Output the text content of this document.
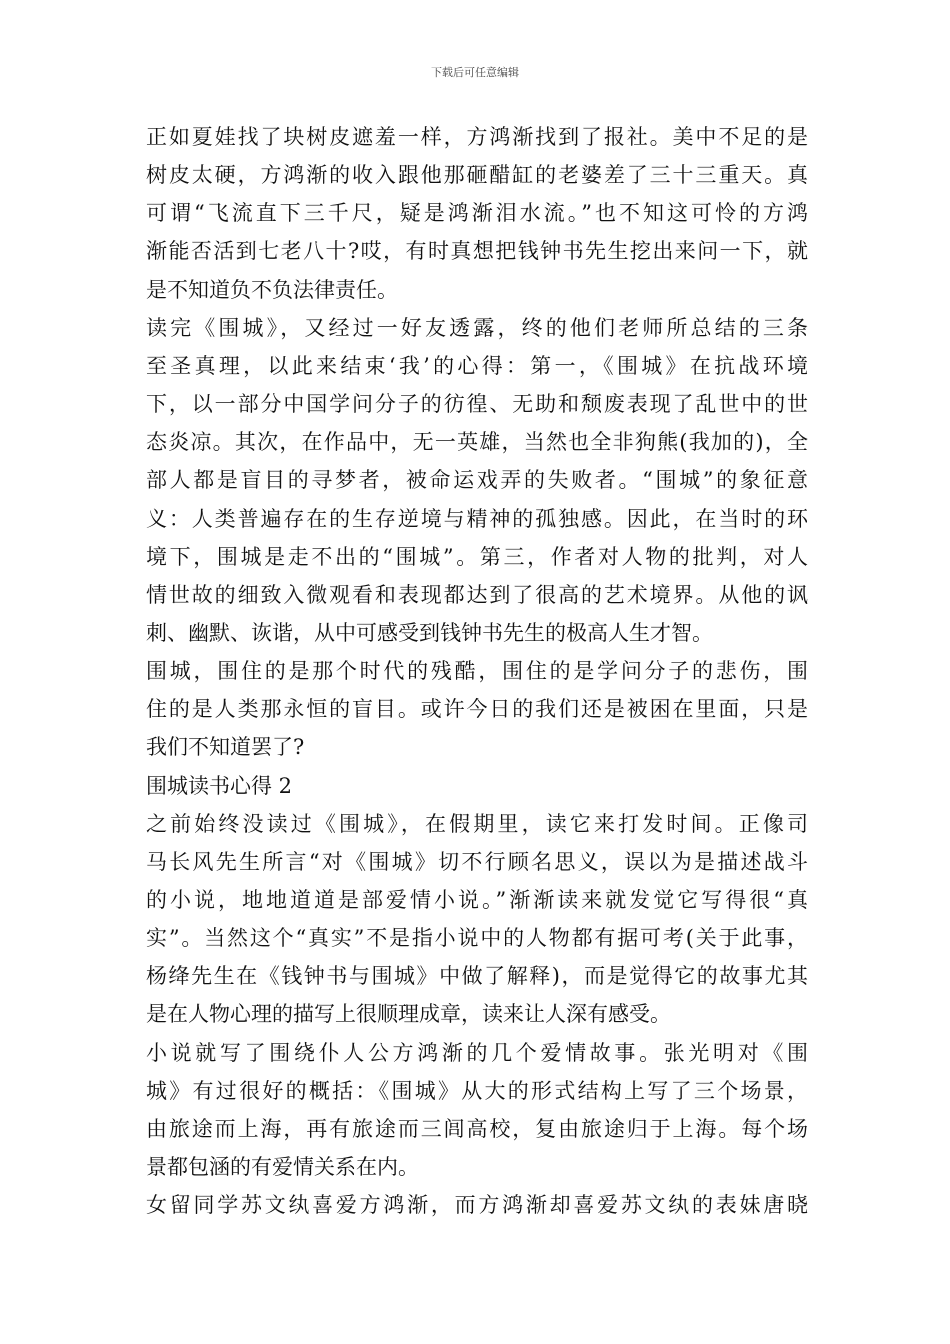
下载后可任意编辑
正如夏娃找了块树皮遮羞一样，方鸿渐找到了报社。美中不足的是
树皮太硬，方鸿渐的收入跟他那砸醋缸的老婆差了三十三重天。真
可谓“飞流直下三千尺，疑是鸿渐泪水流。”也不知这可怜的方鸿
渐能否活到七老八十?哎，有时真想把钱钟书先生挖出来问一下，就
是不知道负不负法律责任。
读完《围城》，又经过一好友透露，终的他们老师所总结的三条
至圣真理，以此来结束‘我’的心得：第一，《围城》在抗战环境
下，以一部分中国学问分子的彷徨、无助和颓废表现了乱世中的世
态炎凉。其次，在作品中，无一英雄，当然也全非狗熊(我加的)，全
部人都是盲目的寻梦者，被命运戏弄的失败者。“围城”的象征意
义：人类普遍存在的生存逆境与精神的孤独感。因此，在当时的环
境下，围城是走不出的“围城”。第三，作者对人物的批判，对人
情世故的细致入微观看和表现都达到了很高的艺术境界。从他的讽
刺、幽默、诙谐，从中可感受到钱钟书先生的极高人生才智。
围城，围住的是那个时代的残酷，围住的是学问分子的悲伤，围
住的是人类那永恒的盲目。或许今日的我们还是被困在里面，只是
我们不知道罢了?
围城读书心得 2
之前始终没读过《围城》，在假期里，读它来打发时间。正像司
马长风先生所言“对《围城》切不行顾名思义，误以为是描述战斗
的小说，地地道道是部爱情小说。”渐渐读来就发觉它写得很“真
实”。当然这个“真实”不是指小说中的人物都有据可考(关于此事，
杨绛先生在《钱钟书与围城》中做了解释)，而是觉得它的故事尤其
是在人物心理的描写上很顺理成章，读来让人深有感受。
小说就写了围绕仆人公方鸿渐的几个爱情故事。张光明对《围
城》有过很好的概括：《围城》从大的形式结构上写了三个场景，
由旅途而上海，再有旅途而三闾高校，复由旅途归于上海。每个场
景都包涵的有爱情关系在内。
女留同学苏文纨喜爱方鸿渐，而方鸿渐却喜爱苏文纨的表妹唐晓
